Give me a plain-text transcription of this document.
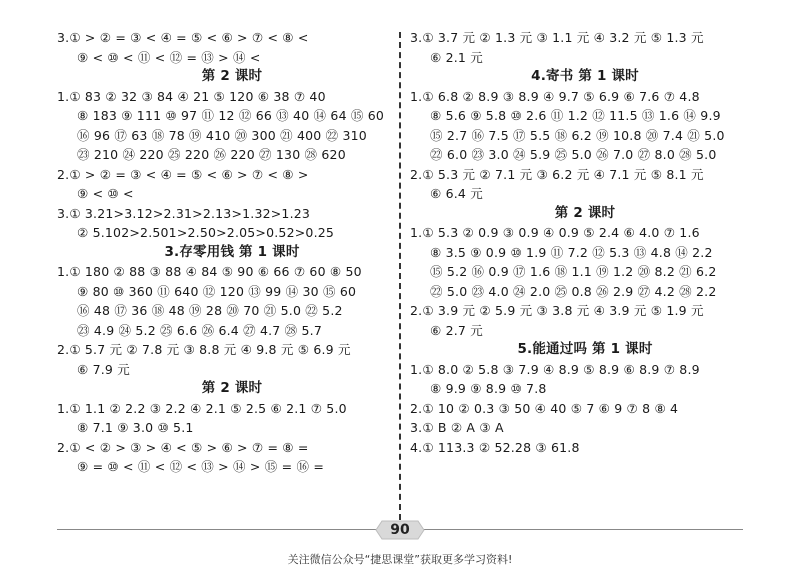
3.① > ② = ③ < ④ = ⑤ < ⑥ > ⑦ < ⑧ <
⑨ < ⑩ < ⑪ < ⑫ = ⑬ > ⑭ <
第 2 课时
1.① 83 ② 32 ③ 84 ④ 21 ⑤ 120 ⑥ 38 ⑦ 40
⑧ 183 ⑨ 111 ⑩ 97 ⑪ 12 ⑫ 66 ⑬ 40 ⑭ 64 ⑮ 60
⑯ 96 ⑰ 63 ⑱ 78 ⑲ 410 ⑳ 300 ㉑ 400 ㉒ 310
㉓ 210 ㉔ 220 ㉕ 220 ㉖ 220 ㉗ 130 ㉘ 620
2.① > ② = ③ < ④ = ⑤ < ⑥ > ⑦ < ⑧ >
⑨ < ⑩ <
3.① 3.21>3.12>2.31>2.13>1.32>1.23
② 5.102>2.501>2.50>2.05>0.52>0.25
3.存零用钱 第 1 课时
1.① 180 ② 88 ③ 88 ④ 84 ⑤ 90 ⑥ 66 ⑦ 60 ⑧ 50
⑨ 80 ⑩ 360 ⑪ 640 ⑫ 120 ⑬ 99 ⑭ 30 ⑮ 60
⑯ 48 ⑰ 36 ⑱ 48 ⑲ 28 ⑳ 70 ㉑ 5.0 ㉒ 5.2
㉓ 4.9 ㉔ 5.2 ㉕ 6.6 ㉖ 6.4 ㉗ 4.7 ㉘ 5.7
2.① 5.7 元 ② 7.8 元 ③ 8.8 元 ④ 9.8 元 ⑤ 6.9 元
⑥ 7.9 元
第 2 课时
1.① 1.1 ② 2.2 ③ 2.2 ④ 2.1 ⑤ 2.5 ⑥ 2.1 ⑦ 5.0
⑧ 7.1 ⑨ 3.0 ⑩ 5.1
2.① < ② > ③ > ④ < ⑤ > ⑥ > ⑦ = ⑧ =
⑨ = ⑩ < ⑪ < ⑫ < ⑬ > ⑭ > ⑮ = ⑯ =
3.① 3.7 元 ② 1.3 元 ③ 1.1 元 ④ 3.2 元 ⑤ 1.3 元
⑥ 2.1 元
4.寄书 第 1 课时
1.① 6.8 ② 8.9 ③ 8.9 ④ 9.7 ⑤ 6.9 ⑥ 7.6 ⑦ 4.8
⑧ 5.6 ⑨ 5.8 ⑩ 2.6 ⑪ 1.2 ⑫ 11.5 ⑬ 1.6 ⑭ 9.9
⑮ 2.7 ⑯ 7.5 ⑰ 5.5 ⑱ 6.2 ⑲ 10.8 ⑳ 7.4 ㉑ 5.0
㉒ 6.0 ㉓ 3.0 ㉔ 5.9 ㉕ 5.0 ㉖ 7.0 ㉗ 8.0 ㉘ 5.0
2.① 5.3 元 ② 7.1 元 ③ 6.2 元 ④ 7.1 元 ⑤ 8.1 元
⑥ 6.4 元
第 2 课时
1.① 5.3 ② 0.9 ③ 0.9 ④ 0.9 ⑤ 2.4 ⑥ 4.0 ⑦ 1.6
⑧ 3.5 ⑨ 0.9 ⑩ 1.9 ⑪ 7.2 ⑫ 5.3 ⑬ 4.8 ⑭ 2.2
⑮ 5.2 ⑯ 0.9 ⑰ 1.6 ⑱ 1.1 ⑲ 1.2 ⑳ 8.2 ㉑ 6.2
㉒ 5.0 ㉓ 4.0 ㉔ 2.0 ㉕ 0.8 ㉖ 2.9 ㉗ 4.2 ㉘ 2.2
2.① 3.9 元 ② 5.9 元 ③ 3.8 元 ④ 3.9 元 ⑤ 1.9 元
⑥ 2.7 元
5.能通过吗 第 1 课时
1.① 8.0 ② 5.8 ③ 7.9 ④ 8.9 ⑤ 8.9 ⑥ 8.9 ⑦ 8.9
⑧ 9.9 ⑨ 8.9 ⑩ 7.8
2.① 10 ② 0.3 ③ 50 ④ 40 ⑤ 7 ⑥ 9 ⑦ 8 ⑧ 4
3.① B ② A ③ A
4.① 113.3 ② 52.28 ③ 61.8
90
关注微信公众号“捷思课堂”获取更多学习资料!
